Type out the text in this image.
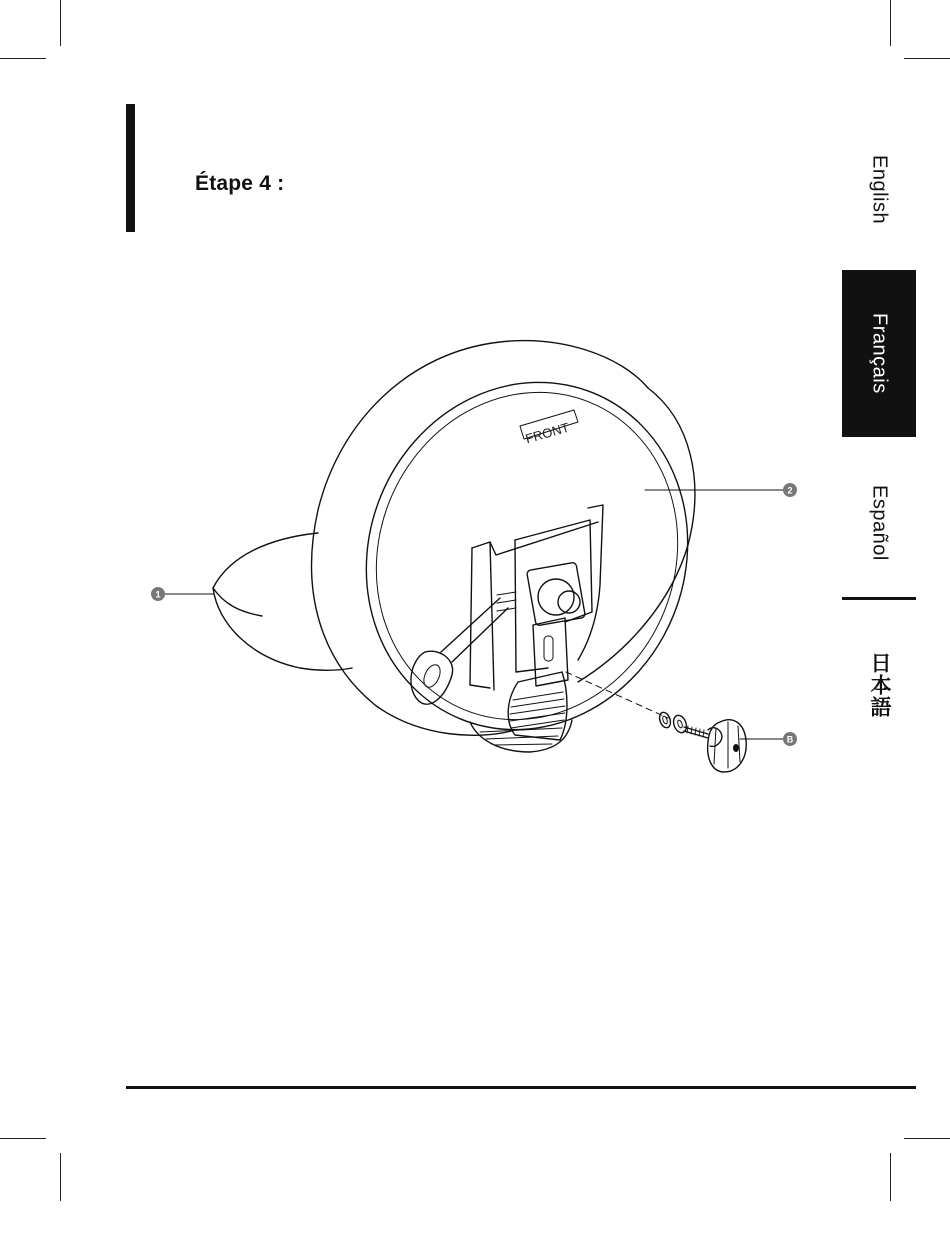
Étape 4 :	English
Français
Español
日本語
FRONT
1
2
B
